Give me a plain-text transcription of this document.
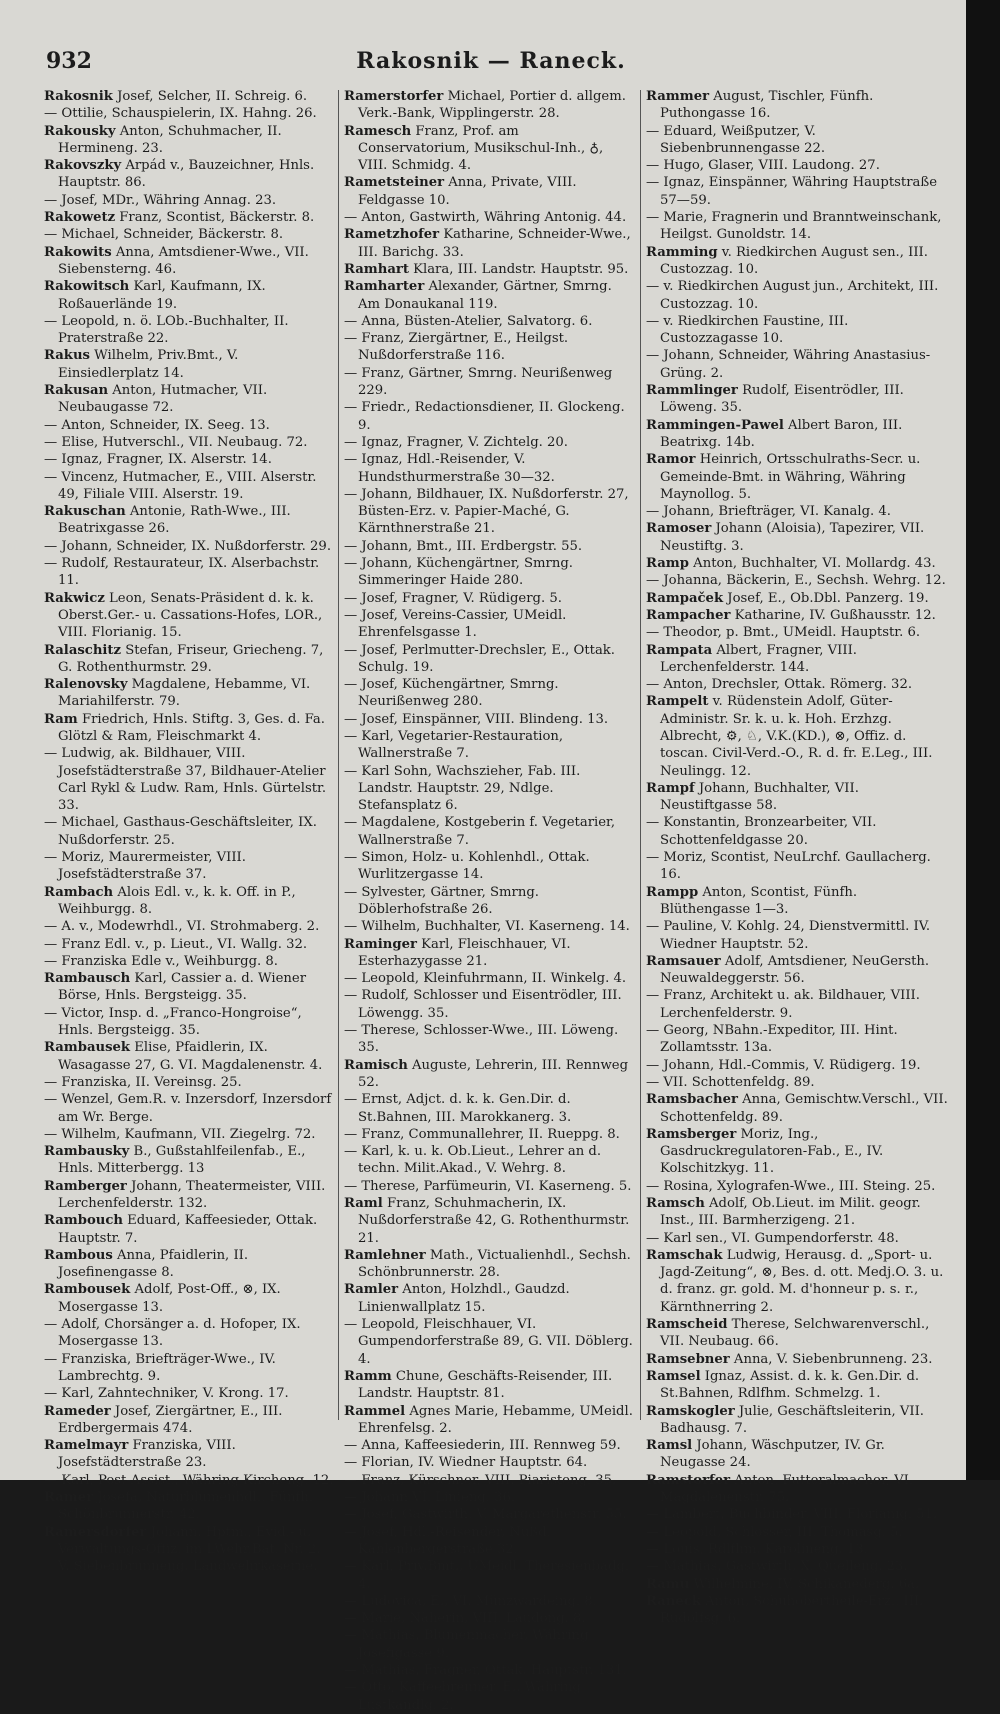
932	Rakosnik — Raneck.
Rakosnik Josef, Selcher, II. Schreig. 6.
— Ottilie, Schauspielerin, IX. Hahng. 26.
Rakousky Anton, Schuhmacher, II. Hermineng. 23.
Rakovszky Arpád v., Bauzeichner, Hnls. Hauptstr. 86.
— Josef, MDr., Währing Annag. 23.
Rakowetz Franz, Scontist, Bäckerstr. 8.
— Michael, Schneider, Bäckerstr. 8.
Rakowits Anna, Amtsdiener-Wwe., VII. Siebensterng. 46.
Rakowitsch Karl, Kaufmann, IX. Roßauerlände 19.
— Leopold, n. ö. LOb.-Buchhalter, II. Praterstraße 22.
Rakus Wilhelm, Priv.Bmt., V. Einsiedlerplatz 14.
Rakusan Anton, Hutmacher, VII. Neubaugasse 72.
— Anton, Schneider, IX. Seeg. 13.
— Elise, Hutverschl., VII. Neubaug. 72.
— Ignaz, Fragner, IX. Alserstr. 14.
— Vincenz, Hutmacher, E., VIII. Alserstr. 49, Filiale VIII. Alserstr. 19.
Rakuschan Antonie, Rath-Wwe., III. Beatrixgasse 26.
— Johann, Schneider, IX. Nußdorferstr. 29.
— Rudolf, Restaurateur, IX. Alserbachstr. 11.
Rakwicz Leon, Senats-Präsident d. k. k. Oberst.Ger.- u. Cassations-Hofes, LOR., VIII. Florianig. 15.
Ralaschitz Stefan, Friseur, Griecheng. 7, G. Rothenthurmstr. 29.
Ralenovsky Magdalene, Hebamme, VI. Mariahilferstr. 79.
Ram Friedrich, Hnls. Stiftg. 3, Ges. d. Fa. Glötzl & Ram, Fleischmarkt 4.
— Ludwig, ak. Bildhauer, VIII. Josefstädterstraße 37, Bildhauer-Atelier Carl Rykl & Ludw. Ram, Hnls. Gürtelstr. 33.
— Michael, Gasthaus-Geschäftsleiter, IX. Nußdorferstr. 25.
— Moriz, Maurermeister, VIII. Josefstädterstraße 37.
Rambach Alois Edl. v., k. k. Off. in P., Weihburgg. 8.
— A. v., Modewrhdl., VI. Strohmaberg. 2.
— Franz Edl. v., p. Lieut., VI. Wallg. 32.
— Franziska Edle v., Weihburgg. 8.
Rambausch Karl, Cassier a. d. Wiener Börse, Hnls. Bergsteigg. 35.
— Victor, Insp. d. „Franco-Hongroise“, Hnls. Bergsteigg. 35.
Rambausek Elise, Pfaidlerin, IX. Wasagasse 27, G. VI. Magdalenenstr. 4.
— Franziska, II. Vereinsg. 25.
— Wenzel, Gem.R. v. Inzersdorf, Inzersdorf am Wr. Berge.
— Wilhelm, Kaufmann, VII. Ziegelrg. 72.
Rambausky B., Gußstahlfeilenfab., E., Hnls. Mitterbergg. 13
Ramberger Johann, Theatermeister, VIII. Lerchenfelderstr. 132.
Rambouch Eduard, Kaffeesieder, Ottak. Hauptstr. 7.
Rambous Anna, Pfaidlerin, II. Josefinengasse 8.
Rambousek Adolf, Post-Off., ⊗, IX. Mosergasse 13.
— Adolf, Chorsänger a. d. Hofoper, IX. Mosergasse 13.
— Franziska, Briefträger-Wwe., IV. Lambrechtg. 9.
— Karl, Zahntechniker, V. Krong. 17.
Rameder Josef, Ziergärtner, E., III. Erdbergermais 474.
Ramelmayr Franziska, VIII. Josefstädterstraße 23.
— Karl, Post-Assist., Währing Kircheng. 12.
Ramer Josefa, Naturblumenhdl., Fünfh. Schönbrunnerstr. 42.
Ramersdorfer Johann, Hptm., Evid.- u. Verwaltungs-Offiz. im LWehr.Bat. Nr. 2, V. Siebenbrunneng. Landwehrkaserne.
Ramerstorfer Michael, Portier d. allgem. Verk.-Bank, Wipplingerstr. 28.
Ramesch Franz, Prof. am Conservatorium, Musikschul-Inh., ♁, VIII. Schmidg. 4.
Rametsteiner Anna, Private, VIII. Feldgasse 10.
— Anton, Gastwirth, Währing Antonig. 44.
Rametzhofer Katharine, Schneider-Wwe., III. Barichg. 33.
Ramhart Klara, III. Landstr. Hauptstr. 95.
Ramharter Alexander, Gärtner, Smrng. Am Donaukanal 119.
— Anna, Büsten-Atelier, Salvatorg. 6.
— Franz, Ziergärtner, E., Heilgst. Nußdorferstraße 116.
— Franz, Gärtner, Smrng. Neurißenweg 229.
— Friedr., Redactionsdiener, II. Glockeng. 9.
— Ignaz, Fragner, V. Zichtelg. 20.
— Ignaz, Hdl.-Reisender, V. Hundsthurmerstraße 30—32.
— Johann, Bildhauer, IX. Nußdorferstr. 27, Büsten-Erz. v. Papier-Maché, G. Kärnthnerstraße 21.
— Johann, Bmt., III. Erdbergstr. 55.
— Johann, Küchengärtner, Smrng. Simmeringer Haide 280.
— Josef, Fragner, V. Rüdigerg. 5.
— Josef, Vereins-Cassier, UMeidl. Ehrenfelsgasse 1.
— Josef, Perlmutter-Drechsler, E., Ottak. Schulg. 19.
— Josef, Küchengärtner, Smrng. Neurißenweg 280.
— Josef, Einspänner, VIII. Blindeng. 13.
— Karl, Vegetarier-Restauration, Wallnerstraße 7.
— Karl Sohn, Wachszieher, Fab. III. Landstr. Hauptstr. 29, Ndlge. Stefansplatz 6.
— Magdalene, Kostgeberin f. Vegetarier, Wallnerstraße 7.
— Simon, Holz- u. Kohlenhdl., Ottak. Wurlitzergasse 14.
— Sylvester, Gärtner, Smrng. Döblerhofstraße 26.
— Wilhelm, Buchhalter, VI. Kaserneng. 14.
Raminger Karl, Fleischhauer, VI. Esterhazygasse 21.
— Leopold, Kleinfuhrmann, II. Winkelg. 4.
— Rudolf, Schlosser und Eisentrödler, III. Löwengg. 35.
— Therese, Schlosser-Wwe., III. Löweng. 35.
Ramisch Auguste, Lehrerin, III. Rennweg 52.
— Ernst, Adjct. d. k. k. Gen.Dir. d. St.Bahnen, III. Marokkanerg. 3.
— Franz, Communallehrer, II. Rueppg. 8.
— Karl, k. u. k. Ob.Lieut., Lehrer an d. techn. Milit.Akad., V. Wehrg. 8.
— Therese, Parfümeurin, VI. Kaserneng. 5.
Raml Franz, Schuhmacherin, IX. Nußdorferstraße 42, G. Rothenthurmstr. 21.
Ramlehner Math., Victualienhdl., Sechsh. Schönbrunnerstr. 28.
Ramler Anton, Holzhdl., Gaudzd. Linienwallplatz 15.
— Leopold, Fleischhauer, VI. Gumpendorferstraße 89, G. VII. Döblerg. 4.
Ramm Chune, Geschäfts-Reisender, III. Landstr. Hauptstr. 81.
Rammel Agnes Marie, Hebamme, UMeidl. Ehrenfelsg. 2.
— Anna, Kaffeesiederin, III. Rennweg 59.
— Florian, IV. Wiedner Hauptstr. 64.
— Franz, Kürschner, VIII. Piaristeng. 35.
— Johann VI. Linieng. 36.
— Josef, Gastwirth, V. Margarethenstr. 55.
— Josef, Hdl.-Reisender, Nußd. Kahlenbergerstraße 32.
— Karl, Priv.Bmt., UMeidl. Theresienbadg. 4.
— Ludovica, E., VI. Münzwardeing. 8.
— Marie, Näherin, VIII. Laudong. 8.
— Mathias, Blumenmacher, Währing Josefigasse 9.
— Mathias, Fragner, Ottak. Hauptstr. 131.
— Otto, Kaffeebrenner, E., Währing Lustkandlg. 2.
Rammer August, Tischler, Fünfh. Puthongasse 16.
— Eduard, Weißputzer, V. Siebenbrunnengasse 22.
— Hugo, Glaser, VIII. Laudong. 27.
— Ignaz, Einspänner, Währing Hauptstraße 57—59.
— Marie, Fragnerin und Branntweinschank, Heilgst. Gunoldstr. 14.
Ramming v. Riedkirchen August sen., III. Custozzag. 10.
— v. Riedkirchen August jun., Architekt, III. Custozzag. 10.
— v. Riedkirchen Faustine, III. Custozzagasse 10.
— Johann, Schneider, Währing Anastasius-Grüng. 2.
Rammlinger Rudolf, Eisentrödler, III. Löweng. 35.
Rammingen-Pawel Albert Baron, III. Beatrixg. 14b.
Ramor Heinrich, Ortsschulraths-Secr. u. Gemeinde-Bmt. in Währing, Währing Maynollog. 5.
— Johann, Briefträger, VI. Kanalg. 4.
Ramoser Johann (Aloisia), Tapezirer, VII. Neustiftg. 3.
Ramp Anton, Buchhalter, VI. Mollardg. 43.
— Johanna, Bäckerin, E., Sechsh. Wehrg. 12.
Rampaček Josef, E., Ob.Dbl. Panzerg. 19.
Rampacher Katharine, IV. Gußhausstr. 12.
— Theodor, p. Bmt., UMeidl. Hauptstr. 6.
Rampata Albert, Fragner, VIII. Lerchenfelderstr. 144.
— Anton, Drechsler, Ottak. Römerg. 32.
Rampelt v. Rüdenstein Adolf, Güter-Administr. Sr. k. u. k. Hoh. Erzhzg. Albrecht, ⚙, ♘, V.K.(KD.), ⊗, Offiz. d. toscan. Civil-Verd.-O., R. d. fr. E.Leg., III. Neulingg. 12.
Rampf Johann, Buchhalter, VII. Neustiftgasse 58.
— Konstantin, Bronzearbeiter, VII. Schottenfeldgasse 20.
— Moriz, Scontist, NeuLrchf. Gaullacherg. 16.
Rampp Anton, Scontist, Fünfh. Blüthengasse 1—3.
— Pauline, V. Kohlg. 24, Dienstvermittl. IV. Wiedner Hauptstr. 52.
Ramsauer Adolf, Amtsdiener, NeuGersth. Neuwaldeggerstr. 56.
— Franz, Architekt u. ak. Bildhauer, VIII. Lerchenfelderstr. 9.
— Georg, NBahn.-Expeditor, III. Hint. Zollamtsstr. 13a.
— Johann, Hdl.-Commis, V. Rüdigerg. 19.
— VII. Schottenfeldg. 89.
Ramsbacher Anna, Gemischtw.Verschl., VII. Schottenfeldg. 89.
Ramsberger Moriz, Ing., Gasdruckregulatoren-Fab., E., IV. Kolschitzkyg. 11.
— Rosina, Xylografen-Wwe., III. Steing. 25.
Ramsch Adolf, Ob.Lieut. im Milit. geogr. Inst., III. Barmherzigeng. 21.
— Karl sen., VI. Gumpendorferstr. 48.
Ramschak Ludwig, Herausg. d. „Sport- u. Jagd-Zeitung“, ⊗, Bes. d. ott. Medj.O. 3. u. d. franz. gr. gold. M. d'honneur p. s. r., Kärnthnerring 2.
Ramscheid Therese, Selchwarenverschl., VII. Neubaug. 66.
Ramsebner Anna, V. Siebenbrunneng. 23.
Ramsel Ignaz, Assist. d. k. k. Gen.Dir. d. St.Bahnen, Rdlfhm. Schmelzg. 1.
Ramskogler Julie, Geschäftsleiterin, VII. Badhausg. 7.
Ramsl Johann, Wäschputzer, IV. Gr. Neugasse 24.
Ramstorfer Anton, Futteralmacher, VI. Magdalenenstr. 75.
— Lambert, Buchbinder, VIII. Florianig. 51.
— Leopold, Schlosser, III. Thomasg. 5.
— Louis, Rdlfhm. Karolineng. 13.
— Mathias, Gastwirth, X. Quelleng. 23.
Ramu Wilhelmine, IV. Schikanederg. 6a.
Raneck Anton, Schuhobertheile-Erz., III. Rudolfsg. 6.
